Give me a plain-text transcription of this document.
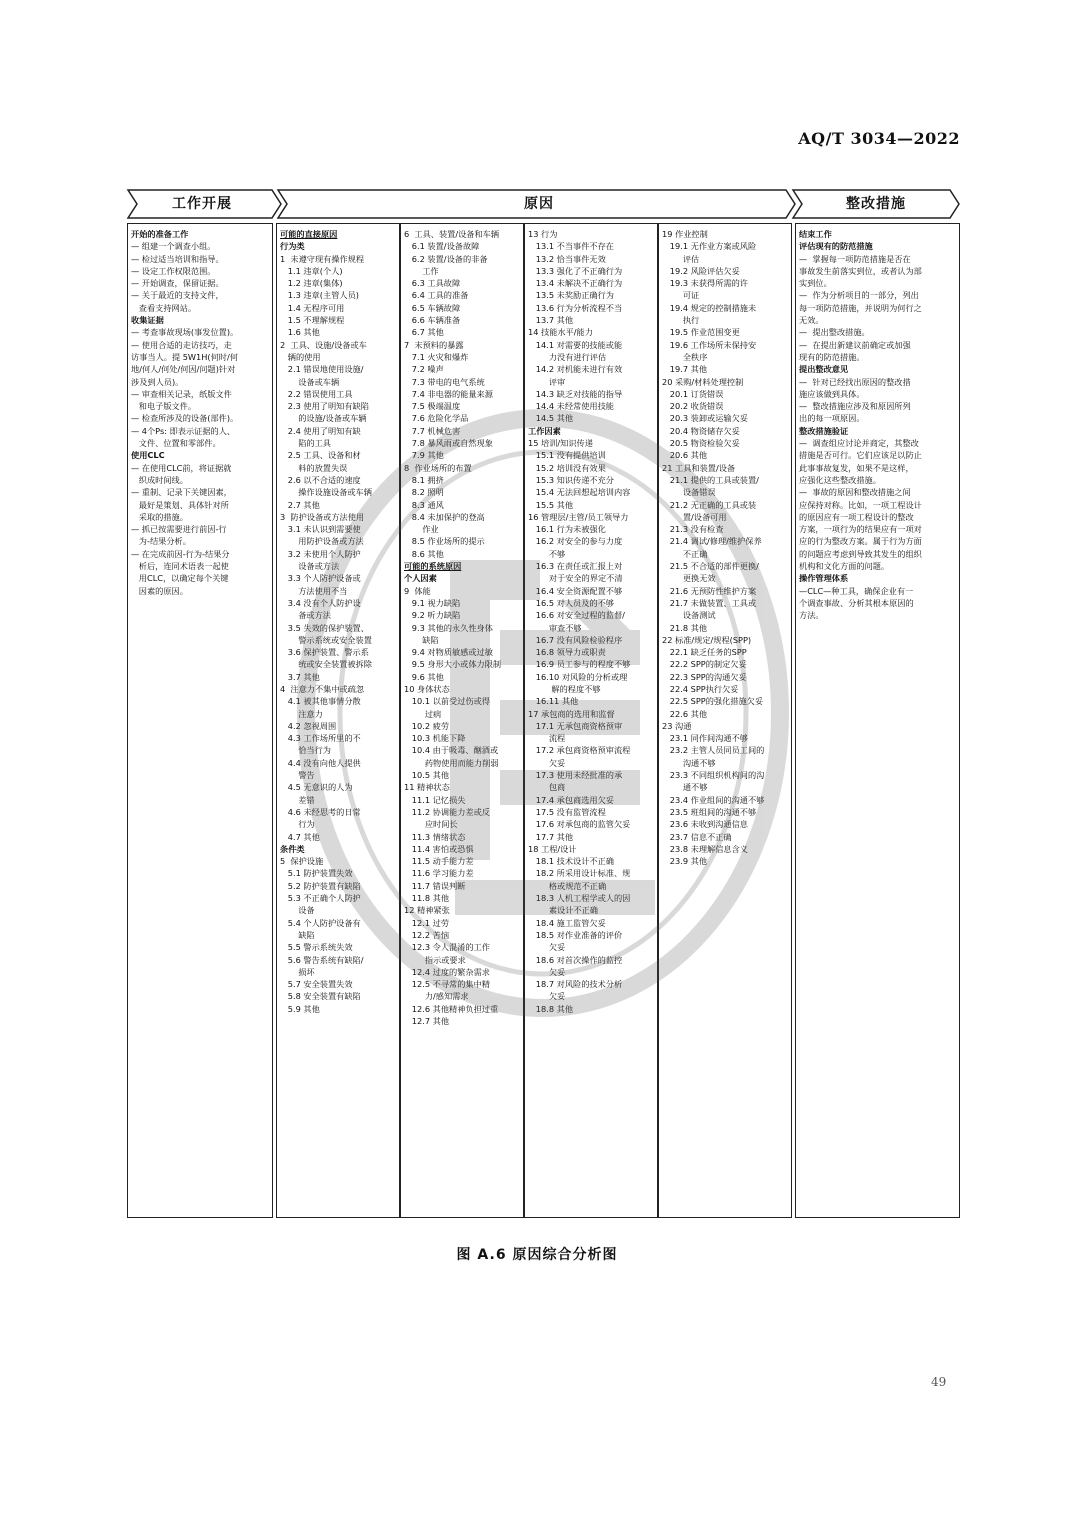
AQ/T 3034—2022
工作开展	原因	整改措施
开始的准备工作
— 组建一个调查小组。
— 检过适当培训和指导。
— 设定工作权限范围。
— 开始调查，保留证据。
— 关于最近的支持文件，
查看支持网站。
收集证据
— 考查事故现场(事发位置)。
— 使用合适的走访技巧，走
访事当人。提 5W1H(何时/何
地/何人/何处/何因/问题)针对
涉及到人员)。
— 审查相关记录，纸版文件
和电子版文件。
— 检查所涉及的设备(部件)。
— 4个Ps: 即表示证据的人、
文件、位置和零部件。
使用CLC
— 在使用CLC前，将证据就
织成时间线。
— 重制、记录下关键因素，
最好是策划、具体针对所
采取的措施。
— 抓已按需要进行前因-行
为-结果分析。
— 在完成前因-行为-结果分
析后，连同术语表一起使
用CLC，以确定每个关键
因素的原因。
可能的直接原因
行为类
1  未遵守现有操作规程
1.1 违章(个人)
1.2 违章(集体)
1.3 违章(主管人员)
1.4 无程序可用
1.5 不理解规程
1.6 其他
2  工具、设施/设备或车
辆的使用
2.1 错误地使用设施/
设备或车辆
2.2 错误使用工具
2.3 使用了明知有缺陷
的设施/设备或车辆
2.4 使用了明知有缺
陷的工具
2.5 工具、设备和材
料的放置失误
2.6 以不合适的速度
操作设施设备或车辆
2.7 其他
3  防护设备或方法使用
3.1 未认识到需要使
用防护设备或方法
3.2 未使用个人防护
设备或方法
3.3 个人防护设备或
方法使用不当
3.4 没有个人防护设
备或方法
3.5 失效的保护装置、
警示系统或安全装置
3.6 保护装置、警示系
统或安全装置被拆除
3.7 其他
4  注意力不集中或疏忽
4.1 被其他事情分散
注意力
4.2 忽视周围
4.3 工作场所里的不
恰当行为
4.4 没有向他人提供
警告
4.5 无意识的人为
差错
4.6 未经思考的日常
行为
4.7 其他
条件类
5  保护设施
5.1 防护装置失效
5.2 防护装置有缺陷
5.3 不正确个人防护
设备
5.4 个人防护设备有
缺陷
5.5 警示系统失效
5.6 警告系统有缺陷/
损坏
5.7 安全装置失效
5.8 安全装置有缺陷
5.9 其他
6  工具、装置/设备和车辆
6.1 装置/设备故障
6.2 装置/设备的非备
工作
6.3 工具故障
6.4 工具的准备
6.5 车辆故障
6.6 车辆准备
6.7 其他
7  末预料的暴露
7.1 火灾和爆炸
7.2 噪声
7.3 带电的电气系统
7.4 非电器的能量来源
7.5 极端温度
7.6 危险化学品
7.7 机械危害
7.8 暴风雨或自然现象
7.9 其他
8  作业场所的布置
8.1 拥挤
8.2 照明
8.3 通风
8.4 未加保护的登高
作业
8.5 作业场所的提示
8.6 其他
可能的系统原因
个人因素
9  体能
9.1 视力缺陷
9.2 听力缺陷
9.3 其他的永久性身体
缺陷
9.4 对物质敏感或过敏
9.5 身形大小或体力限制
9.6 其他
10 身体状态
10.1 以前受过伤或得
过病
10.2 疲劳
10.3 机能下降
10.4 由于吸毒、酗酒或
药物使用而能力削弱
10.5 其他
11 精神状态
11.1 记忆损失
11.2 协调能力差或反
应时间长
11.3 情绪状态
11.4 害怕或恐惧
11.5 动手能力差
11.6 学习能力差
11.7 错误判断
11.8 其他
12 精神紧张
12.1 过劳
12.2 苦恼
12.3 令人混淆的工作
指示或要求
12.4 过度的繁杂需求
12.5 不寻常的集中精
力/感知需求
12.6 其他精神负担过重
12.7 其他
13 行为
13.1 不当事件不存在
13.2 恰当事件无效
13.3 强化了不正确行为
13.4 未解决不正确行为
13.5 未奖励正确行为
13.6 行为分析流程不当
13.7 其他
14 技能水平/能力
14.1 对需要的技能或能
力没有进行评估
14.2 对机能未进行有效
评审
14.3 缺乏对技能的指导
14.4 未经常使用技能
14.5 其他
工作因素
15 培训/知识传递
15.1 没有提供培训
15.2 培训没有效果
15.3 知识传递不充分
15.4 无法回想起培训内容
15.5 其他
16 管理层/主管/员工领导力
16.1 行为未被强化
16.2 对安全的参与力度
不够
16.3 在责任或汇报上对
对于安全的界定不清
16.4 安全资源配置不够
16.5 对人员及的不够
16.6 对安全过程的监督/
审查不够
16.7 没有风险检验程序
16.8 领导力或职责
16.9 员工参与的程度不够
16.10 对风险的分析或理
解的程度不够
16.11 其他
17 承包商的选用和监督
17.1 无承包商资格预审
流程
17.2 承包商资格预审流程
欠妥
17.3 使用未经批准的承
包商
17.4 承包商选用欠妥
17.5 没有监管流程
17.6 对承包商的监管欠妥
17.7 其他
18 工程/设计
18.1 技术设计不正确
18.2 所采用设计标准、规
格或规范不正确
18.3 人机工程学或人的因
素设计不正确
18.4 施工监管欠妥
18.5 对作业准备的评价
欠妥
18.6 对首次操作的监控
欠妥
18.7 对风险的技术分析
欠妥
18.8 其他
19 作业控制
19.1 无作业方案或风险
评估
19.2 风险评估欠妥
19.3 未获得所需的许
可证
19.4 规定的控制措施未
执行
19.5 作业范围变更
19.6 工作场所未保持安
全秩序
19.7 其他
20 采购/材料处理控制
20.1 订货错误
20.2 收货错误
20.3 装卸或运输欠妥
20.4 物资储存欠妥
20.5 物资检验欠妥
20.6 其他
21 工具和装置/设备
21.1 提供的工具或装置/
设备错误
21.2 无正确的工具或装
置/设备可用
21.3 没有检查
21.4 调试/修理/维护保养
不正确
21.5 不合适的部件更换/
更换无效
21.6 无预防性维护方案
21.7 未做装置、工具或
设备测试
21.8 其他
22 标准/规定/规程(SPP)
22.1 缺乏任务的SPP
22.2 SPP的制定欠妥
22.3 SPP的沟通欠妥
22.4 SPP执行欠妥
22.5 SPP的强化措施欠妥
22.6 其他
23 沟通
23.1 同作间沟通不够
23.2 主管人员同员工间的
沟通不够
23.3 不同组织机构间的沟
通不够
23.4 作业组间的沟通不够
23.5 班组间的沟通不够
23.6 未收到沟通信息
23.7 信息不正确
23.8 未理解信息含义
23.9 其他
结束工作
评估现有的防范措施
—  掌握每一项防范措施是否在
事故发生前落实到位，或者认为部
实到位。
—  作为分析项目的一部分，列出
每一项防范措施，并说明为何行之
无效。
—  提出整改措施。
—  在提出新建议前确定或加强
现有的防范措施。
提出整改意见
—  针对已经找出原因的整改措
施应该做到具体。
—  整改措施应涉及和原因所列
出的每一项原因。
整改措施验证
—  调查组应讨论并商定，其整改
措施是否可行。它们应该足以防止
此事事故复发，如果不是这样，
应强化这些整改措施。
—  事故的原因和整改措施之间
应保持对称。比如，一项工程设计
的原因应有一项工程设计的整改
方案，一项行为的结果应有一项对
应的行为整改方案。属于行为方面
的问题应考虑到导致其发生的组织
机构和文化方面的问题。
操作管理体系
—CLC—种工具，确保企业有一
个调查事故、分析其根本原因的
方法。
图 A.6 原因综合分析图
49
